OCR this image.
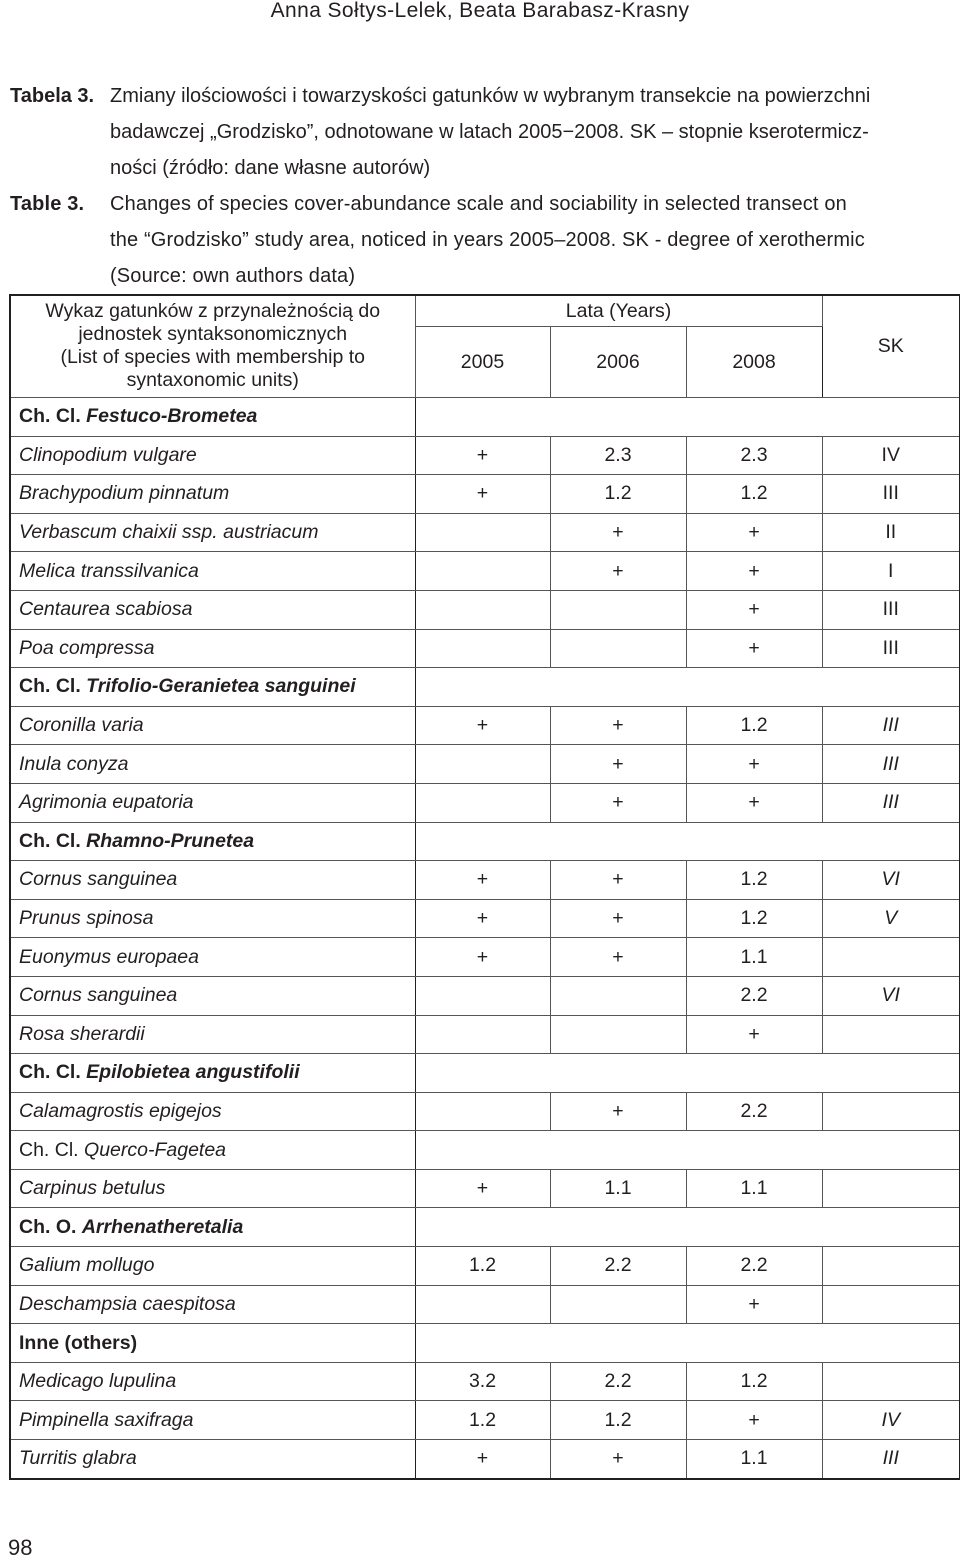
Anna Sołtys-Lelek, Beata Barabasz-Krasny
Tabela 3. Zmiany ilościowości i towarzyskości gatunków w wybranym transekcie na powierzchni
badawczej „Grodzisko”, odnotowane w latach 2005−2008. SK – stopnie kserotermicz-
ności (źródło: dane własne autorów)
Table 3.	Changes of species cover-abundance scale and sociability in selected transect on
the “Grodzisko” study area, noticed in years 2005–2008. SK - degree of xerothermic
(Source: own authors data)
Wykaz gatunków z przynależnością do
jednostek syntaksonomicznych
(List of species with membership to
syntaxonomic units)	Lata (Years)			SK
	2005	2006	2008	
Ch. Cl. Festuco-Brometea				
Clinopodium vulgare	+	2.3	2.3	IV
Brachypodium pinnatum	+	1.2	1.2	III
Verbascum chaixii ssp. austriacum		+	+	II
Melica transsilvanica		+	+	I
Centaurea scabiosa			+	III
Poa compressa			+	III
Ch. Cl. Trifolio-Geranietea sanguinei				
Coronilla varia	+	+	1.2	III
Inula conyza		+	+	III
Agrimonia eupatoria		+	+	III
Ch. Cl. Rhamno-Prunetea				
Cornus sanguinea	+	+	1.2	VI
Prunus spinosa	+	+	1.2	V
Euonymus europaea	+	+	1.1	
Cornus sanguinea			2.2	VI
Rosa sherardii			+	
Ch. Cl. Epilobietea angustifolii				
Calamagrostis epigejos		+	2.2	
Ch. Cl. Querco-Fagetea				
Carpinus betulus	+	1.1	1.1	
Ch. O. Arrhenatheretalia				
Galium mollugo	1.2	2.2	2.2	
Deschampsia caespitosa			+	
Inne (others)				
Medicago lupulina	3.2	2.2	1.2	
Pimpinella saxifraga	1.2	1.2	+	IV
Turritis glabra	+	+	1.1	III
98
